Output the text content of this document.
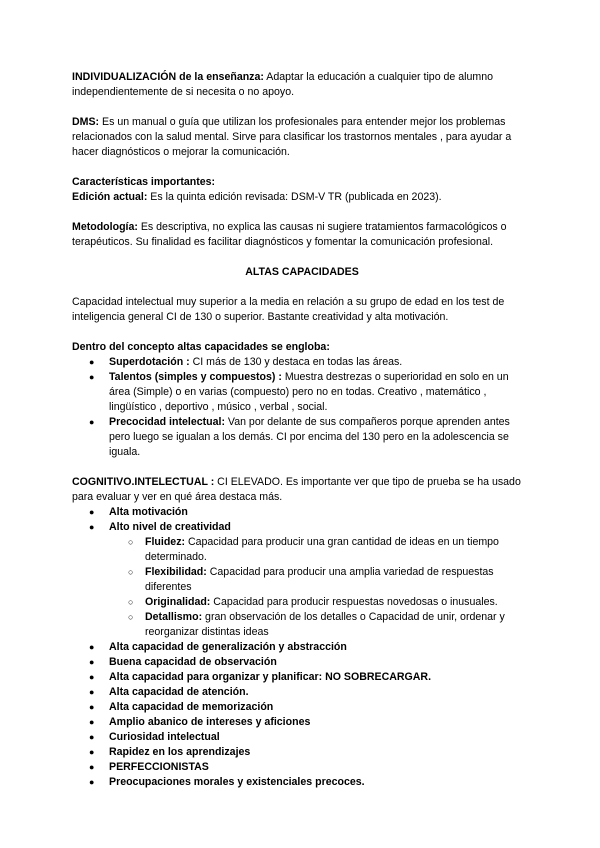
INDIVIDUALIZACIÓN de la enseñanza: Adaptar la educación a cualquier tipo de alumno independientemente de si necesita o no apoyo.

DMS: Es un manual o guía que utilizan los profesionales para entender mejor los problemas relacionados con la salud mental. Sirve para clasificar los trastornos mentales , para ayudar a hacer diagnósticos o mejorar la comunicación.

Características importantes:

Edición actual: Es la quinta edición revisada: DSM-V TR (publicada en 2023).

Metodología: Es descriptiva, no explica las causas ni sugiere tratamientos farmacológicos o terapéuticos. Su finalidad es facilitar diagnósticos y fomentar la comunicación profesional.

ALTAS CAPACIDADES

Capacidad intelectual muy superior a la media en relación a su grupo de edad en los test de inteligencia general CI de 130 o superior. Bastante creatividad y alta motivación.

Dentro del concepto altas capacidades se engloba:

● Superdotación : CI más de 130 y destaca en todas las áreas.
● Talentos (simples y compuestos) : Muestra destrezas o superioridad en solo en un área (Simple) o en varias (compuesto) pero no en todas. Creativo , matemático , lingüístico , deportivo , músico , verbal , social.
● Precocidad intelectual: Van por delante de sus compañeros porque aprenden antes pero luego se igualan a los demás. CI por encima del 130 pero en la adolescencia se iguala.

COGNITIVO.INTELECTUAL : CI ELEVADO. Es importante ver que tipo de prueba se ha usado para evaluar y ver en qué área destaca más.

● Alta motivación
● Alto nivel de creatividad
○ Fluidez: Capacidad para producir una gran cantidad de ideas en un tiempo determinado.
○ Flexibilidad: Capacidad para producir una amplia variedad de respuestas diferentes
○ Originalidad: Capacidad para producir respuestas novedosas o inusuales.
○ Detallismo: gran observación de los detalles o Capacidad de unir, ordenar y reorganizar distintas ideas
● Alta capacidad de generalización y abstracción
● Buena capacidad de observación
● Alta capacidad para organizar y planificar: NO SOBRECARGAR.
● Alta capacidad de atención.
● Alta capacidad de memorización
● Amplio abanico de intereses y aficiones
● Curiosidad intelectual
● Rapidez en los aprendizajes
● PERFECCIONISTAS
● Preocupaciones morales y existenciales precoces.
